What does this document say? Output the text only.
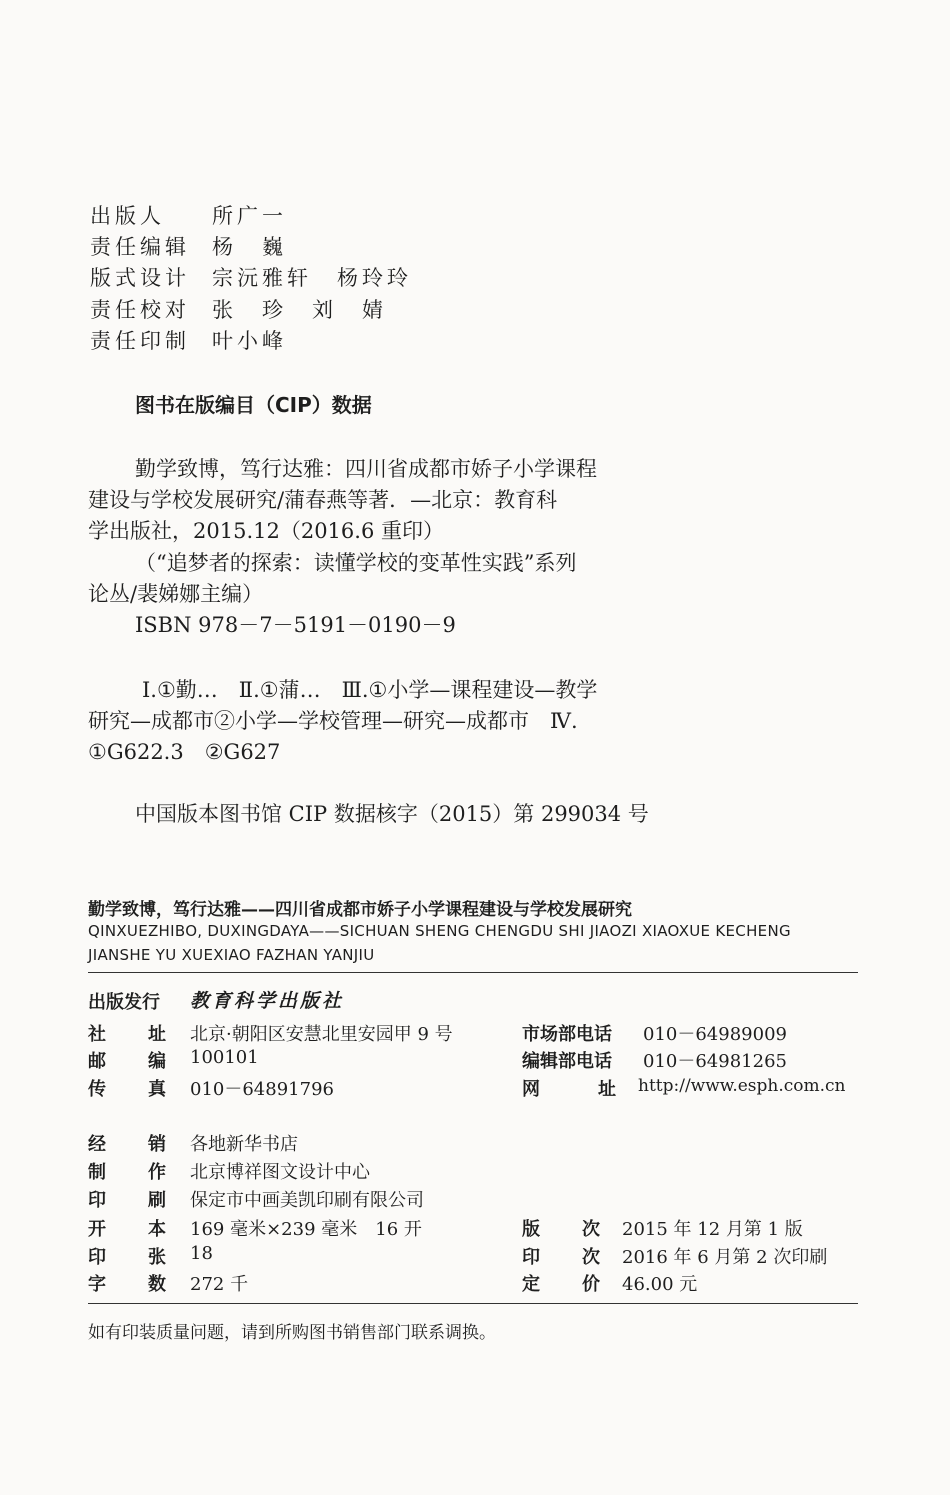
出版人 所广一
责任编辑 杨　巍
版式设计 宗沅雅轩　杨玲玲
责任校对 张　珍　刘　婧
责任印制 叶小峰
图书在版编目（CIP）数据
勤学致博，笃行达雅：四川省成都市娇子小学课程
建设与学校发展研究/蒲春燕等著．—北京：教育科
学出版社，2015.12（2016.6 重印）
（“追梦者的探索：读懂学校的变革性实践”系列
论丛/裴娣娜主编）
ISBN 978－7－5191－0190－9
Ⅰ.①勤…　Ⅱ.①蒲…　Ⅲ.①小学—课程建设—教学
研究—成都市②小学—学校管理—研究—成都市　Ⅳ.
①G622.3　②G627
中国版本图书馆 CIP 数据核字（2015）第 299034 号
勤学致博，笃行达雅——四川省成都市娇子小学课程建设与学校发展研究
QINXUEZHIBO, DUXINGDAYA——SICHUAN SHENG CHENGDU SHI JIAOZI XIAOXUE KECHENG
JIANSHE YU XUEXIAO FAZHAN YANJIU
出版发行 教育科学出版社
社 址 北京·朝阳区安慧北里安园甲 9 号
邮 编 100101
传 真 010－64891796
市场部电话 010－64989009
编辑部电话 010－64981265
网	址 http://www.esph.com.cn
经 销 各地新华书店
制 作 北京博祥图文设计中心
印 刷 保定市中画美凯印刷有限公司
开 本 169 毫米×239 毫米　16 开
印 张 18
字 数 272 千
版 次 2015 年 12 月第 1 版
印 次 2016 年 6 月第 2 次印刷
定 价 46.00 元
如有印装质量问题，请到所购图书销售部门联系调换。
